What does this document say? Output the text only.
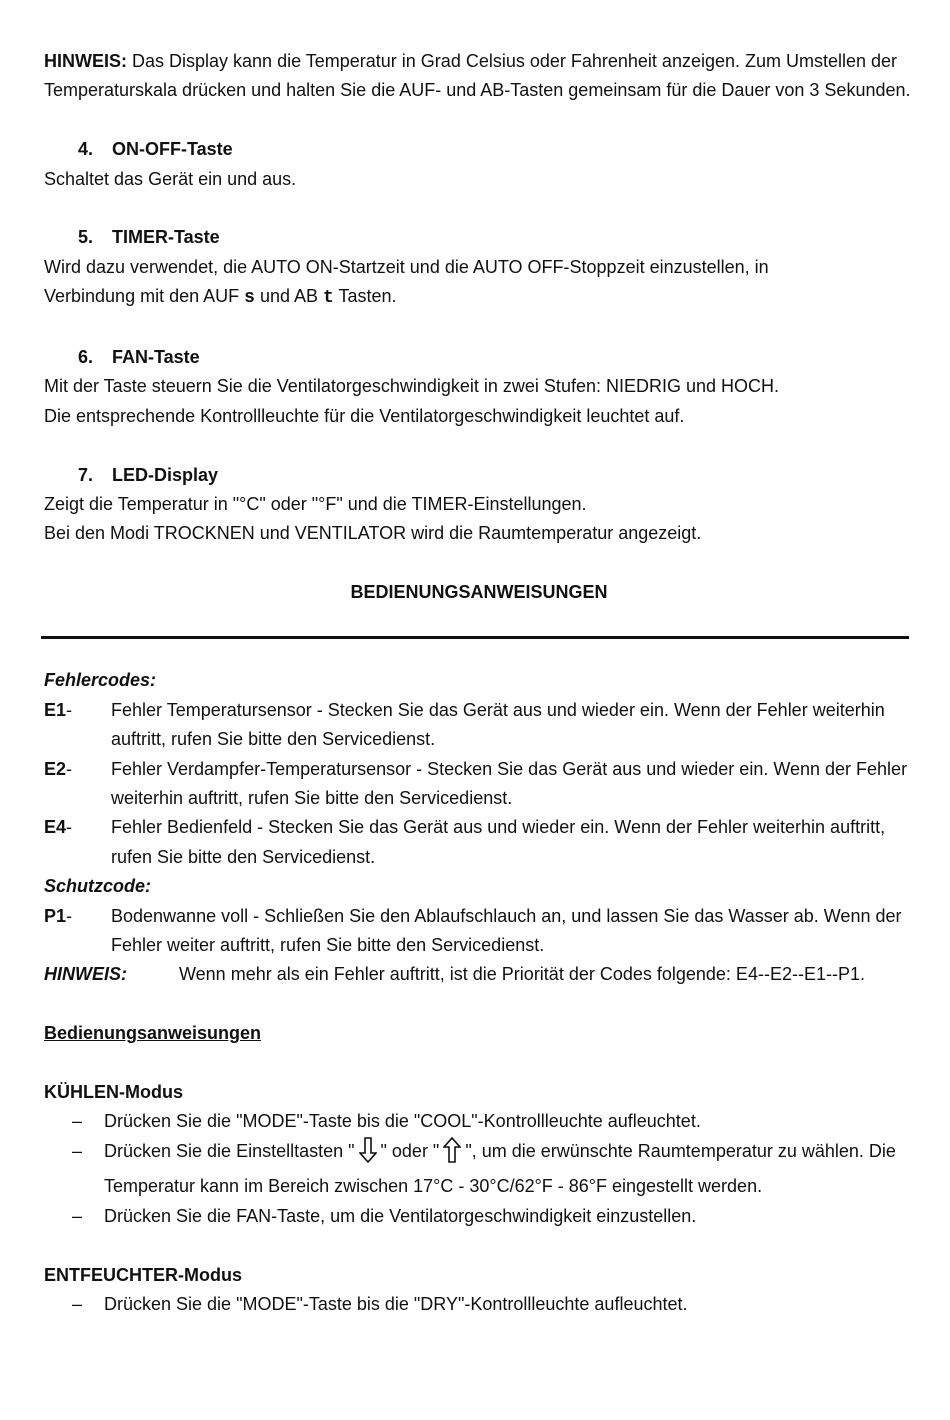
HINWEIS: Das Display kann die Temperatur in Grad Celsius oder Fahrenheit anzeigen. Zum Umstellen der Temperaturskala drücken und halten Sie die AUF- und AB-Tasten gemeinsam für die Dauer von 3 Sekunden.

4. ON-OFF-Taste

Schaltet das Gerät ein und aus.

5. TIMER-Taste

Wird dazu verwendet, die AUTO ON-Startzeit und die AUTO OFF-Stoppzeit einzustellen, in

Verbindung mit den AUF s und AB t Tasten.

6. FAN-Taste

Mit der Taste steuern Sie die Ventilatorgeschwindigkeit in zwei Stufen: NIEDRIG und HOCH.

Die entsprechende Kontrollleuchte für die Ventilatorgeschwindigkeit leuchtet auf.

7. LED-Display

Zeigt die Temperatur in "°C" oder "°F" und die TIMER-Einstellungen.

Bei den Modi TROCKNEN und VENTILATOR wird die Raumtemperatur angezeigt.

BEDIENUNGSANWEISUNGEN

Fehlercodes:

E1-	Fehler Temperatursensor - Stecken Sie das Gerät aus und wieder ein. Wenn der Fehler weiterhin auftritt, rufen Sie bitte den Servicedienst.
E2-	Fehler Verdampfer-Temperatursensor - Stecken Sie das Gerät aus und wieder ein. Wenn der Fehler weiterhin auftritt, rufen Sie bitte den Servicedienst.
E4-	Fehler Bedienfeld - Stecken Sie das Gerät aus und wieder ein. Wenn der Fehler weiterhin auftritt, rufen Sie bitte den Servicedienst.

Schutzcode:

P1-	Bodenwanne voll - Schließen Sie den Ablaufschlauch an, und lassen Sie das Wasser ab. Wenn der Fehler weiter auftritt, rufen Sie bitte den Servicedienst.
HINWEIS:	Wenn mehr als ein Fehler auftritt, ist die Priorität der Codes folgende: E4--E2--E1--P1.

Bedienungsanweisungen

KÜHLEN-Modus

–	Drücken Sie die "MODE"-Taste bis die "COOL"-Kontrollleuchte aufleuchtet.
–	Drücken Sie die Einstelltasten " " oder " ", um die erwünschte Raumtemperatur zu wählen. Die Temperatur kann im Bereich zwischen 17°C - 30°C/62°F - 86°F eingestellt werden.
–	Drücken Sie die FAN-Taste, um die Ventilatorgeschwindigkeit einzustellen.

ENTFEUCHTER-Modus

–	Drücken Sie die "MODE"-Taste bis die "DRY"-Kontrollleuchte aufleuchtet.
